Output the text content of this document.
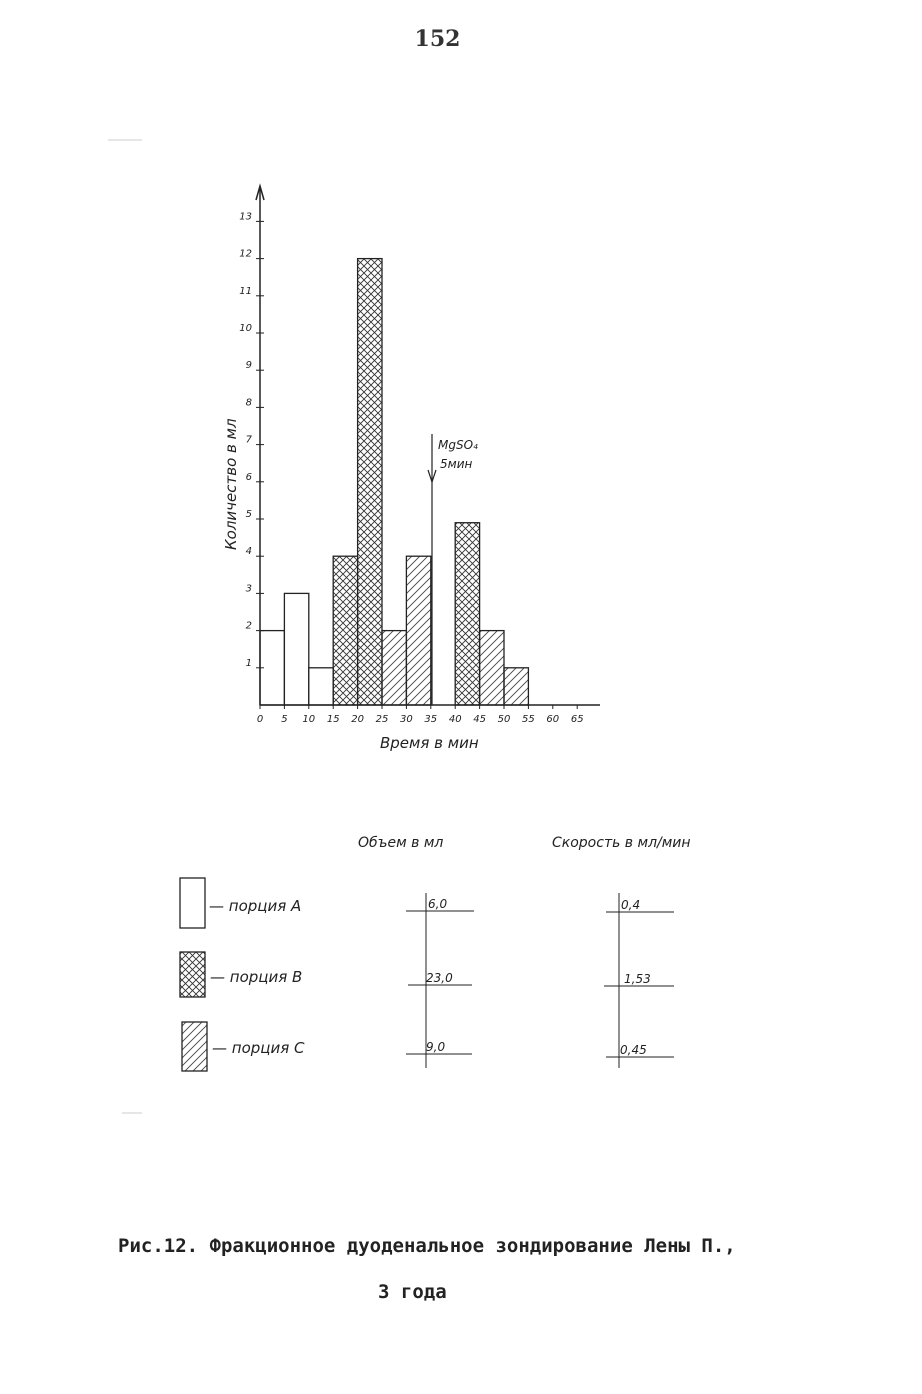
152
1
2
3
4
5
6
7
8
9
10
11
12
13
0 5 10 15 20 25 30 35 40 45 50 55 60 65
Время в мин
Количество в мл	MgSO₄
5мин
Объем в мл	Скорость в мл/мин
— порция A
— порция B
— порция C
6,0
23,0
9,0
0,4
1,53
0,45
Рис.12. Фракционное дуоденальное зондирование Лены П.,
3 года
